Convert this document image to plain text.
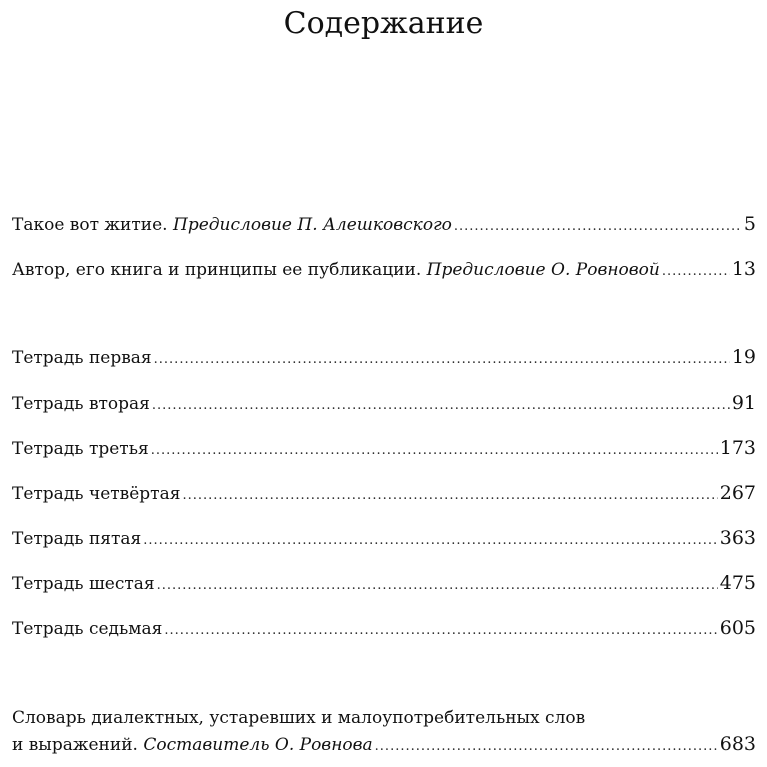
Содержание
Такое вот житие. Предисловие П. Алешковского .....	5
Автор, его книга и принципы ее публикации. Предисловие О. Ровновой .....	13
Тетрадь первая .....	19
Тетрадь вторая .....	91
Тетрадь третья .....	173
Тетрадь четвёртая .....	267
Тетрадь пятая .....	363
Тетрадь шестая .....	475
Тетрадь седьмая .....	605
Словарь диалектных, устаревших и малоупотребительных слов
и выражений. Составитель О. Ровнова .....	683
